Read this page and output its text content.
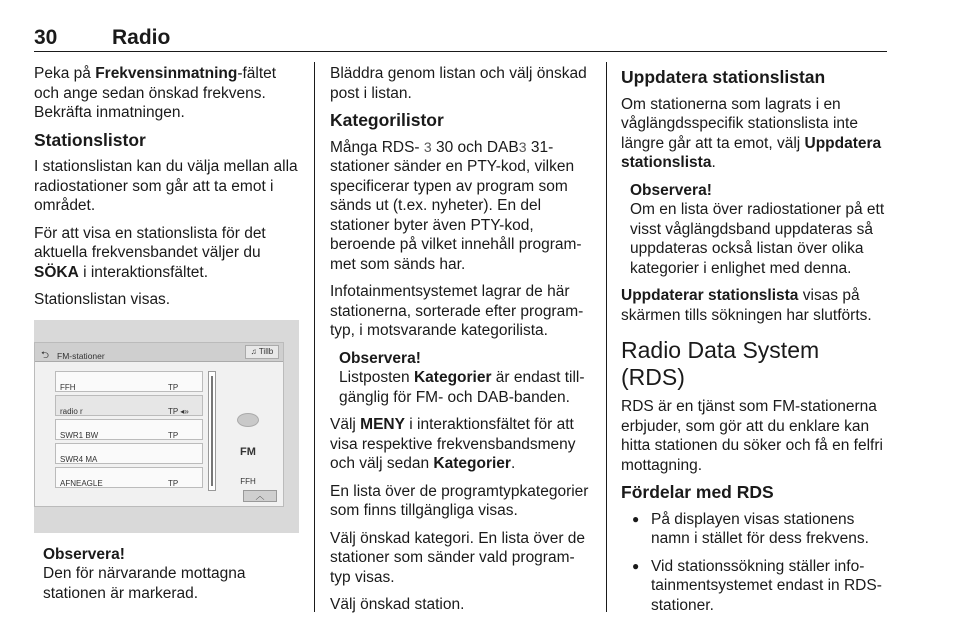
30	Radio

Peka på Frekvensinmatning-fältet och ange sedan önskad frekvens. Bekräfta inmatningen.

Stationslistor

I stationslistan kan du välja mellan alla radiostationer som går att ta emot i området.

För att visa en stationslista för det aktuella frekvensbandet väljer du SÖKA i interaktionsfältet.

Stationslistan visas.

⮌ FM-stationer	♫ Tillb
FFH	TP
radio r	TP ◂»
SWR1 BW	TP
SWR4 MA
AFNEAGLE	TP
FM
FFH
︿
Observera!
Den för närvarande mottagna stationen är markerad.

Bläddra genom listan och välj önskad post i listan.

Kategorilistor

Många RDS- 3 30 och DAB3 31-stationer sänder en PTY-kod, vilken specificerar typen av program som sänds ut (t.ex. nyheter). En del stationer byter även PTY-kod, beroende på vilket innehåll program-met som sänds har.

Infotainmentsystemet lagrar de här stationerna, sorterade efter program-typ, i motsvarande kategorilista.

Observera!
Listposten Kategorier är endast till-gänglig för FM- och DAB-banden.

Välj MENY i interaktionsfältet för att visa respektive frekvensbandsmeny och välj sedan Kategorier.

En lista över de programtypkategorier som finns tillgängliga visas.

Välj önskad kategori. En lista över de stationer som sänder vald program-typ visas.

Välj önskad station.

Uppdatera stationslistan

Om stationerna som lagrats i en våglängdsspecifik stationslista inte längre går att ta emot, välj Uppdatera stationslista.

Observera!
Om en lista över radiostationer på ett visst våglängdsband uppdateras så uppdateras också listan över olika kategorier i enlighet med denna.

Uppdaterar stationslista visas på skärmen tills sökningen har slutförts.

Radio Data System (RDS)

RDS är en tjänst som FM-stationerna erbjuder, som gör att du enklare kan hitta stationen du söker och få en felfri mottagning.

Fördelar med RDS
● På displayen visas stationens namn i stället för dess frekvens.
● Vid stationssökning ställer info-tainmentsystemet endast in RDS-stationer.
